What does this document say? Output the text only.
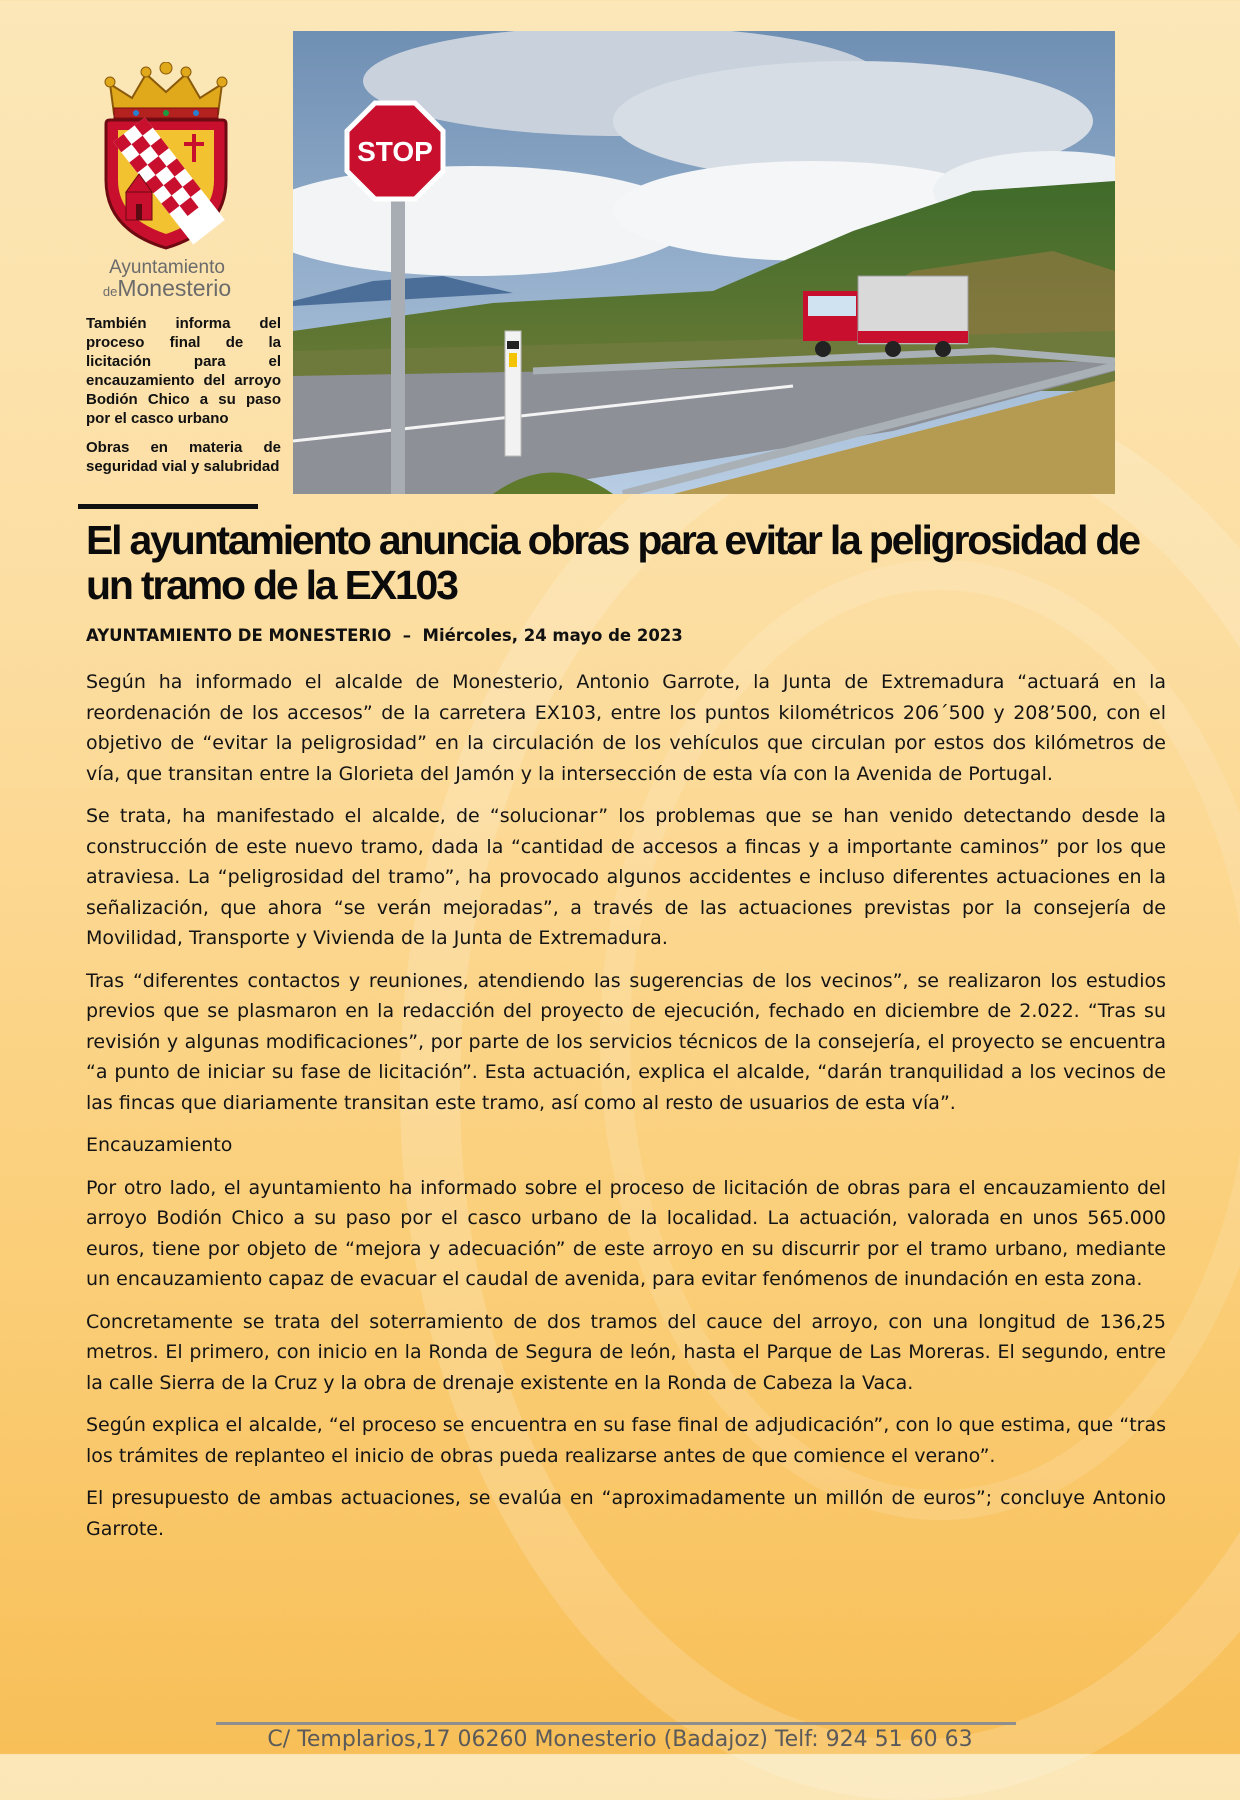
Ayuntamiento
deMonesterio

También informa del proceso final de la licitación para el encauzamiento del arroyo Bodión Chico a su paso por el casco urbano

Obras en materia de seguridad vial y salubridad

STOP
El ayuntamiento anuncia obras para evitar la peligrosidad de un tramo de la EX103

AYUNTAMIENTO DE MONESTERIO – Miércoles, 24 mayo de 2023

Según ha informado el alcalde de Monesterio, Antonio Garrote, la Junta de Extremadura “actuará en la reordenación de los accesos” de la carretera EX103, entre los puntos kilométricos 206´500 y 208’500, con el objetivo de “evitar la peligrosidad” en la circulación de los vehículos que circulan por estos dos kilómetros de vía, que transitan entre la Glorieta del Jamón y la intersección de esta vía con la Avenida de Portugal.

Se trata, ha manifestado el alcalde, de “solucionar” los problemas que se han venido detectando desde la construcción de este nuevo tramo, dada la “cantidad de accesos a fincas y a importante caminos” por los que atraviesa. La “peligrosidad del tramo”, ha provocado algunos accidentes e incluso diferentes actuaciones en la señalización, que ahora “se verán mejoradas”, a través de las actuaciones previstas por la consejería de Movilidad, Transporte y Vivienda de la Junta de Extremadura.

Tras “diferentes contactos y reuniones, atendiendo las sugerencias de los vecinos”, se realizaron los estudios previos que se plasmaron en la redacción del proyecto de ejecución, fechado en diciembre de 2.022. “Tras su revisión y algunas modificaciones”, por parte de los servicios técnicos de la consejería, el proyecto se encuentra “a punto de iniciar su fase de licitación”. Esta actuación, explica el alcalde, “darán tranquilidad a los vecinos de las fincas que diariamente transitan este tramo, así como al resto de usuarios de esta vía”.

Encauzamiento

Por otro lado, el ayuntamiento ha informado sobre el proceso de licitación de obras para el encauzamiento del arroyo Bodión Chico a su paso por el casco urbano de la localidad. La actuación, valorada en unos 565.000 euros, tiene por objeto de “mejora y adecuación” de este arroyo en su discurrir por el tramo urbano, mediante un encauzamiento capaz de evacuar el caudal de avenida, para evitar fenómenos de inundación en esta zona.

Concretamente se trata del soterramiento de dos tramos del cauce del arroyo, con una longitud de 136,25 metros. El primero, con inicio en la Ronda de Segura de león, hasta el Parque de Las Moreras. El segundo, entre la calle Sierra de la Cruz y la obra de drenaje existente en la Ronda de Cabeza la Vaca.

Según explica el alcalde, “el proceso se encuentra en su fase final de adjudicación”, con lo que estima, que “tras los trámites de replanteo el inicio de obras pueda realizarse antes de que comience el verano”.

El presupuesto de ambas actuaciones, se evalúa en “aproximadamente un millón de euros”; concluye Antonio Garrote.

C/ Templarios,17 06260 Monesterio (Badajoz) Telf: 924 51 60 63
